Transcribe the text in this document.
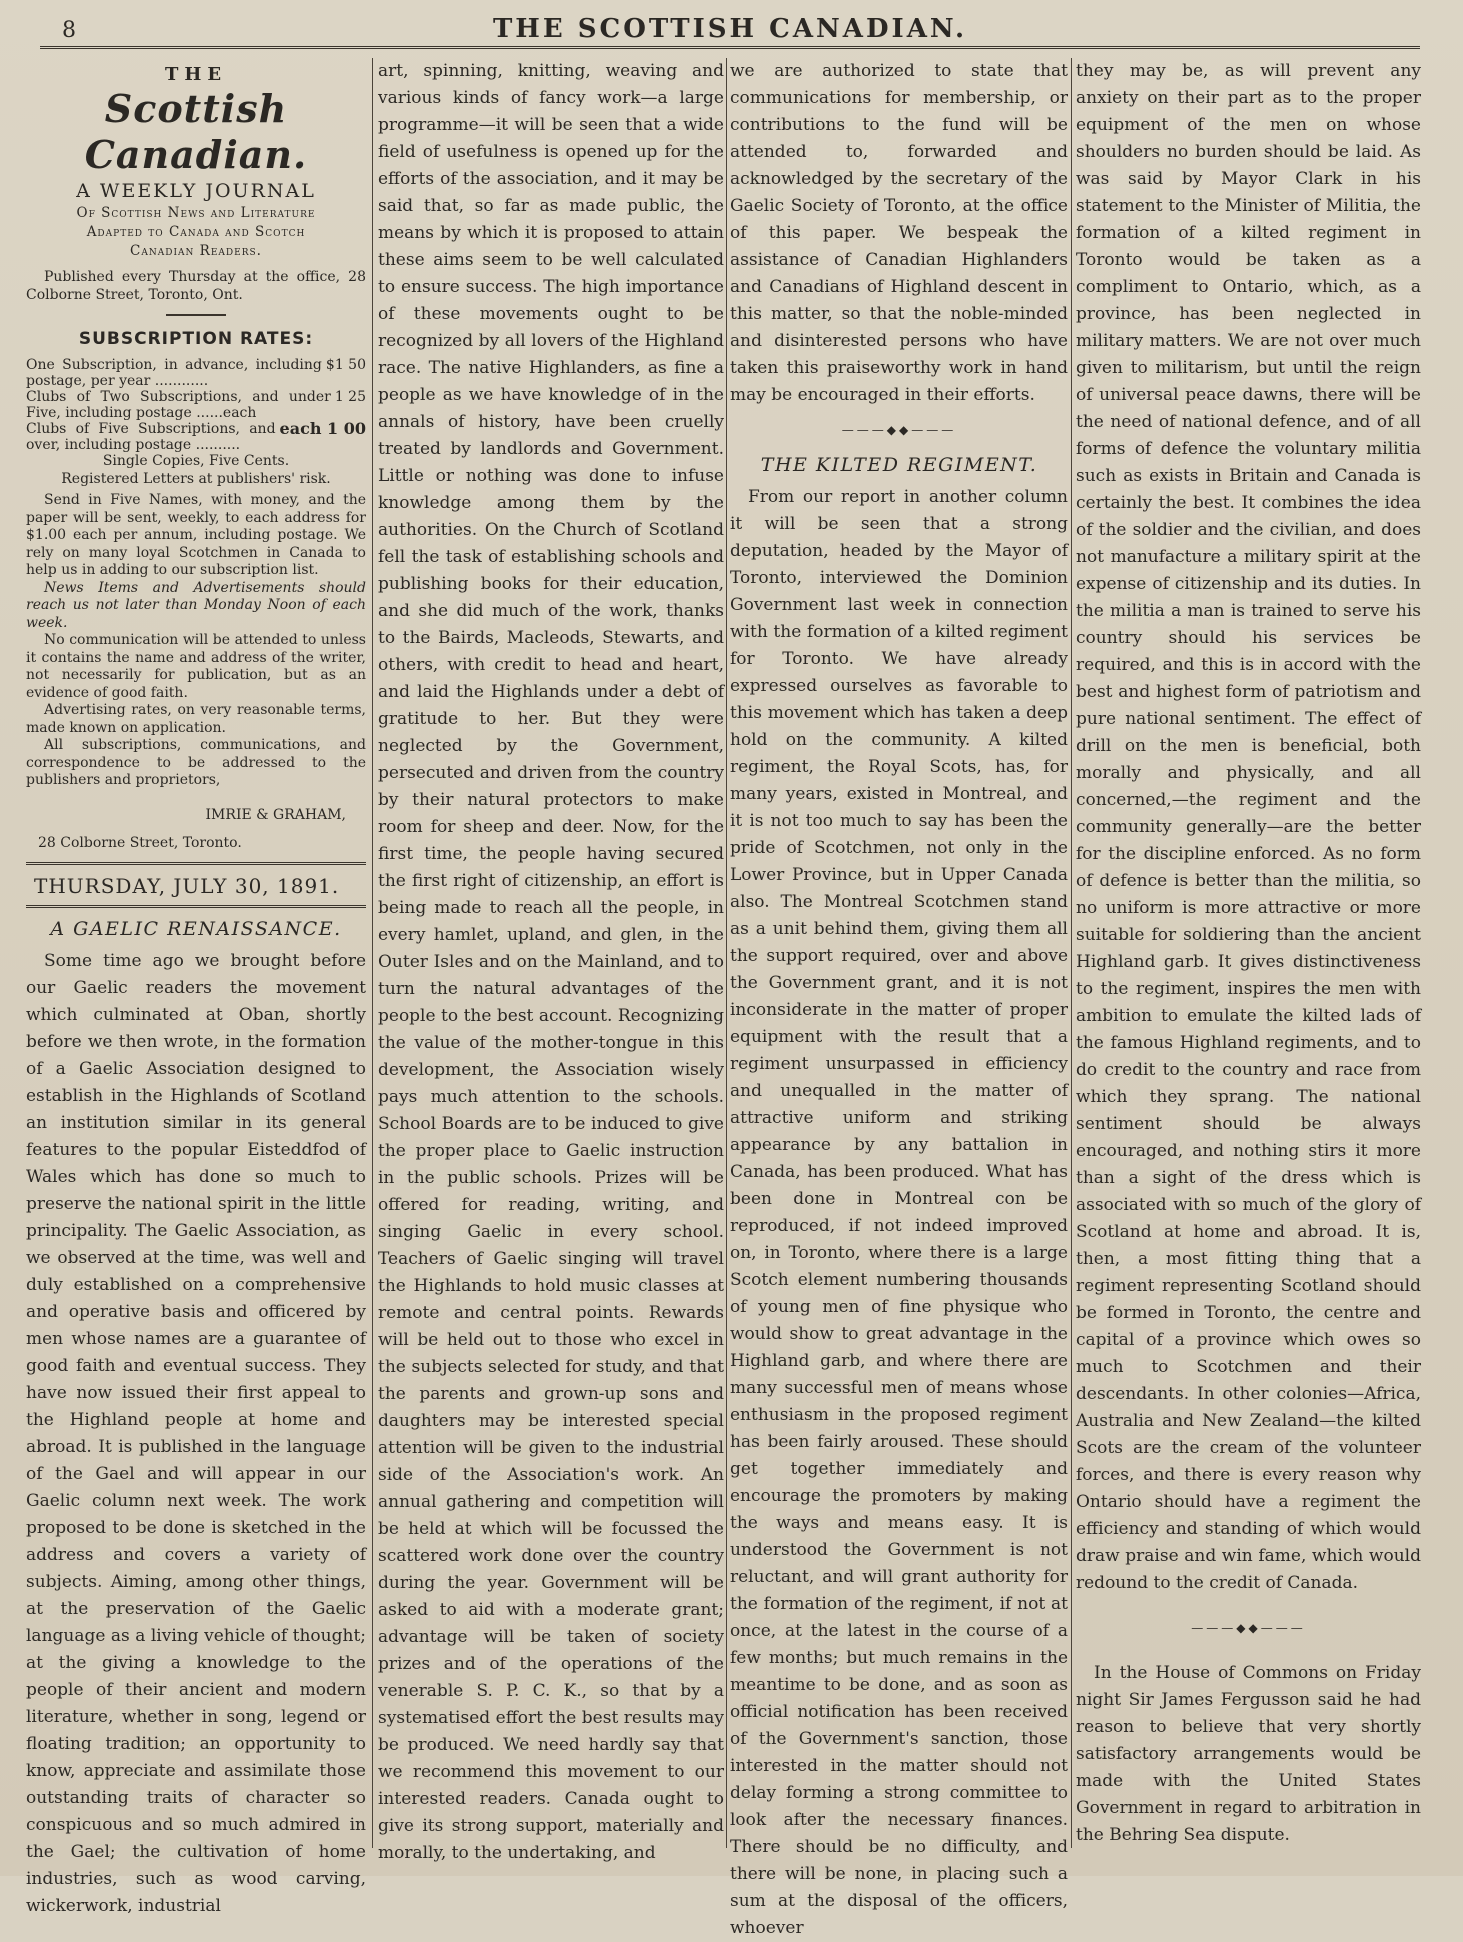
8	THE SCOTTISH CANADIAN.
THE
Scottish Canadian.
A WEEKLY JOURNAL
Of Scottish News and Literature
Adapted to Canada and Scotch
Canadian Readers.

Published every Thursday at the office, 28 Colborne Street, Toronto, Ont.

SUBSCRIPTION RATES:
One Subscription, in advance, including postage, per year ............
$1 50
Clubs of Two Subscriptions, and under Five, including postage ......each
1 25
Clubs of Five Subscriptions, and over, including postage ..........
each 1 00
Single Copies, Five Cents.
Registered Letters at publishers' risk.

Send in Five Names, with money, and the paper will be sent, weekly, to each address for $1.00 each per annum, including postage. We rely on many loyal Scotchmen in Canada to help us in adding to our subscription list.

News Items and Advertisements should reach us not later than Monday Noon of each week.

No communication will be attended to unless it contains the name and address of the writer, not necessarily for publication, but as an evidence of good faith.

Advertising rates, on very reasonable terms, made known on application.

All subscriptions, communications, and correspondence to be addressed to the publishers and proprietors,

IMRIE & GRAHAM,
28 Colborne Street, Toronto.
THURSDAY, JULY 30, 1891.
A GAELIC RENAISSANCE.

Some time ago we brought before our Gaelic readers the movement which culminated at Oban, shortly before we then wrote, in the formation of a Gaelic Association designed to establish in the Highlands of Scotland an institution similar in its general features to the popular Eisteddfod of Wales which has done so much to preserve the national spirit in the little principality. The Gaelic Association, as we observed at the time, was well and duly established on a comprehensive and operative basis and officered by men whose names are a guarantee of good faith and eventual success. They have now issued their first appeal to the Highland people at home and abroad. It is published in the language of the Gael and will appear in our Gaelic column next week. The work proposed to be done is sketched in the address and covers a variety of subjects. Aiming, among other things, at the preservation of the Gaelic language as a living vehicle of thought; at the giving a knowledge to the people of their ancient and modern literature, whether in song, legend or floating tradition; an opportunity to know, appreciate and assimilate those outstanding traits of character so conspicuous and so much admired in the Gael; the cultivation of home industries, such as wood carving, wickerwork, industrial

art, spinning, knitting, weaving and various kinds of fancy work—a large programme—it will be seen that a wide field of usefulness is opened up for the efforts of the association, and it may be said that, so far as made public, the means by which it is proposed to attain these aims seem to be well calculated to ensure success. The high importance of these movements ought to be recognized by all lovers of the Highland race. The native Highlanders, as fine a people as we have knowledge of in the annals of history, have been cruelly treated by landlords and Government. Little or nothing was done to infuse knowledge among them by the authorities. On the Church of Scotland fell the task of establishing schools and publishing books for their education, and she did much of the work, thanks to the Bairds, Macleods, Stewarts, and others, with credit to head and heart, and laid the Highlands under a debt of gratitude to her. But they were neglected by the Government, persecuted and driven from the country by their natural protectors to make room for sheep and deer. Now, for the first time, the people having secured the first right of citizenship, an effort is being made to reach all the people, in every hamlet, upland, and glen, in the Outer Isles and on the Mainland, and to turn the natural advantages of the people to the best account. Recognizing the value of the mother-tongue in this development, the Association wisely pays much attention to the schools. School Boards are to be induced to give the proper place to Gaelic instruction in the public schools. Prizes will be offered for reading, writing, and singing Gaelic in every school. Teachers of Gaelic singing will travel the Highlands to hold music classes at remote and central points. Rewards will be held out to those who excel in the subjects selected for study, and that the parents and grown-up sons and daughters may be interested special attention will be given to the industrial side of the Association's work. An annual gathering and competition will be held at which will be focussed the scattered work done over the country during the year. Government will be asked to aid with a moderate grant; advantage will be taken of society prizes and of the operations of the venerable S. P. C. K., so that by a systematised effort the best results may be produced. We need hardly say that we recommend this movement to our interested readers. Canada ought to give its strong support, materially and morally, to the undertaking, and

we are authorized to state that communications for membership, or contributions to the fund will be attended to, forwarded and acknowledged by the secretary of the Gaelic Society of Toronto, at the office of this paper. We bespeak the assistance of Canadian Highlanders and Canadians of Highland descent in this matter, so that the noble-minded and disinterested persons who have taken this praiseworthy work in hand may be encouraged in their efforts.

———◆◆———
THE KILTED REGIMENT.

From our report in another column it will be seen that a strong deputation, headed by the Mayor of Toronto, interviewed the Dominion Government last week in connection with the formation of a kilted regiment for Toronto. We have already expressed ourselves as favorable to this movement which has taken a deep hold on the community. A kilted regiment, the Royal Scots, has, for many years, existed in Montreal, and it is not too much to say has been the pride of Scotchmen, not only in the Lower Province, but in Upper Canada also. The Montreal Scotchmen stand as a unit behind them, giving them all the support required, over and above the Government grant, and it is not inconsiderate in the matter of proper equipment with the result that a regiment unsurpassed in efficiency and unequalled in the matter of attractive uniform and striking appearance by any battalion in Canada, has been produced. What has been done in Montreal con be reproduced, if not indeed improved on, in Toronto, where there is a large Scotch element numbering thousands of young men of fine physique who would show to great advantage in the Highland garb, and where there are many successful men of means whose enthusiasm in the proposed regiment has been fairly aroused. These should get together immediately and encourage the promoters by making the ways and means easy. It is understood the Government is not reluctant, and will grant authority for the formation of the regiment, if not at once, at the latest in the course of a few months; but much remains in the meantime to be done, and as soon as official notification has been received of the Government's sanction, those interested in the matter should not delay forming a strong committee to look after the necessary finances. There should be no difficulty, and there will be none, in placing such a sum at the disposal of the officers, whoever

they may be, as will prevent any anxiety on their part as to the proper equipment of the men on whose shoulders no burden should be laid. As was said by Mayor Clark in his statement to the Minister of Militia, the formation of a kilted regiment in Toronto would be taken as a compliment to Ontario, which, as a province, has been neglected in military matters. We are not over much given to militarism, but until the reign of universal peace dawns, there will be the need of national defence, and of all forms of defence the voluntary militia such as exists in Britain and Canada is certainly the best. It combines the idea of the soldier and the civilian, and does not manufacture a military spirit at the expense of citizenship and its duties. In the militia a man is trained to serve his country should his services be required, and this is in accord with the best and highest form of patriotism and pure national sentiment. The effect of drill on the men is beneficial, both morally and physically, and all concerned,—the regiment and the community generally—are the better for the discipline enforced. As no form of defence is better than the militia, so no uniform is more attractive or more suitable for soldiering than the ancient Highland garb. It gives distinctiveness to the regiment, inspires the men with ambition to emulate the kilted lads of the famous Highland regiments, and to do credit to the country and race from which they sprang. The national sentiment should be always encouraged, and nothing stirs it more than a sight of the dress which is associated with so much of the glory of Scotland at home and abroad. It is, then, a most fitting thing that a regiment representing Scotland should be formed in Toronto, the centre and capital of a province which owes so much to Scotchmen and their descendants. In other colonies—Africa, Australia and New Zealand—the kilted Scots are the cream of the volunteer forces, and there is every reason why Ontario should have a regiment the efficiency and standing of which would draw praise and win fame, which would redound to the credit of Canada.

———◆◆———

In the House of Commons on Friday night Sir James Fergusson said he had reason to believe that very shortly satisfactory arrangements would be made with the United States Government in regard to arbitration in the Behring Sea dispute.
